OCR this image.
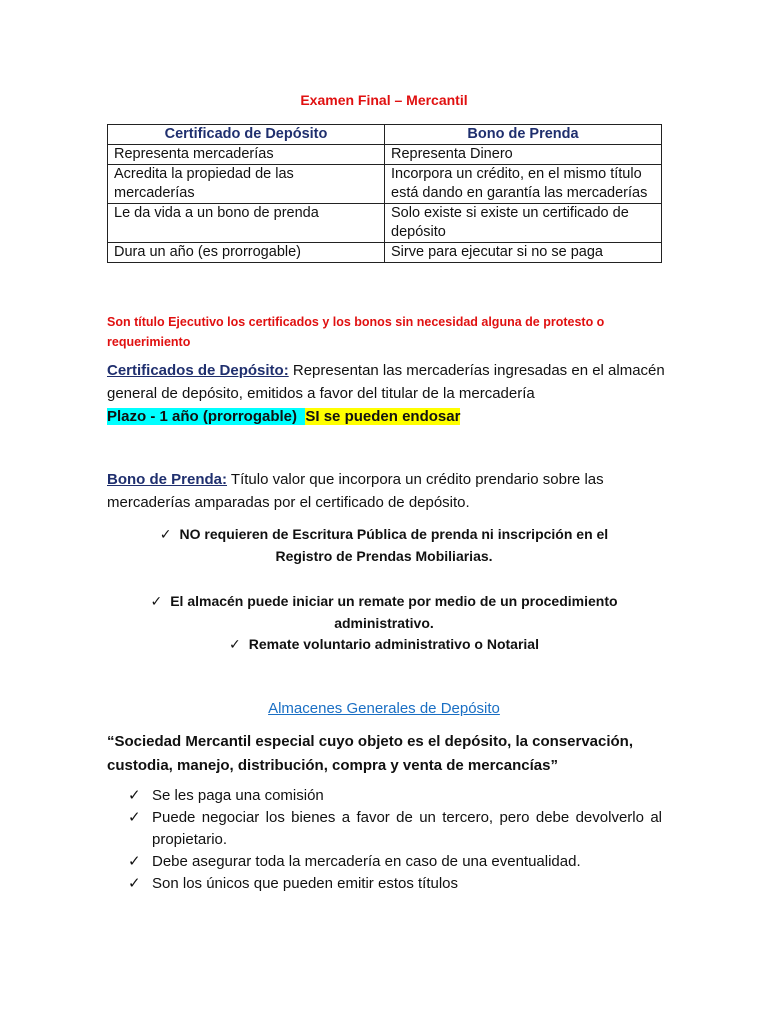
Examen Final – Mercantil
Certificado de Depósito	Bono de Prenda
Representa mercaderías	Representa Dinero
Acredita la propiedad de las mercaderías	Incorpora un crédito, en el mismo título está dando en garantía las mercaderías
Le da vida a un bono de prenda	Solo existe si existe un certificado de depósito
Dura un año (es prorrogable)	Sirve para ejecutar si no se paga
Son título Ejecutivo los certificados y los bonos sin necesidad alguna de protesto o requerimiento
Certificados de Depósito: Representan las mercaderías ingresadas en el almacén general de depósito, emitidos a favor del titular de la mercadería
Plazo - 1 año (prorrogable) SI se pueden endosar
Bono de Prenda: Título valor que incorpora un crédito prendario sobre las mercaderías amparadas por el certificado de depósito.
✓ NO requieren de Escritura Pública de prenda ni inscripción en el Registro de Prendas Mobiliarias.
✓ El almacén puede iniciar un remate por medio de un procedimiento administrativo.
✓ Remate voluntario administrativo o Notarial
Almacenes Generales de Depósito
“Sociedad Mercantil especial cuyo objeto es el depósito, la conservación, custodia, manejo, distribución, compra y venta de mercancías”
✓ Se les paga una comisión
✓ Puede negociar los bienes a favor de un tercero, pero debe devolverlo al propietario.
✓ Debe asegurar toda la mercadería en caso de una eventualidad.
✓ Son los únicos que pueden emitir estos títulos
